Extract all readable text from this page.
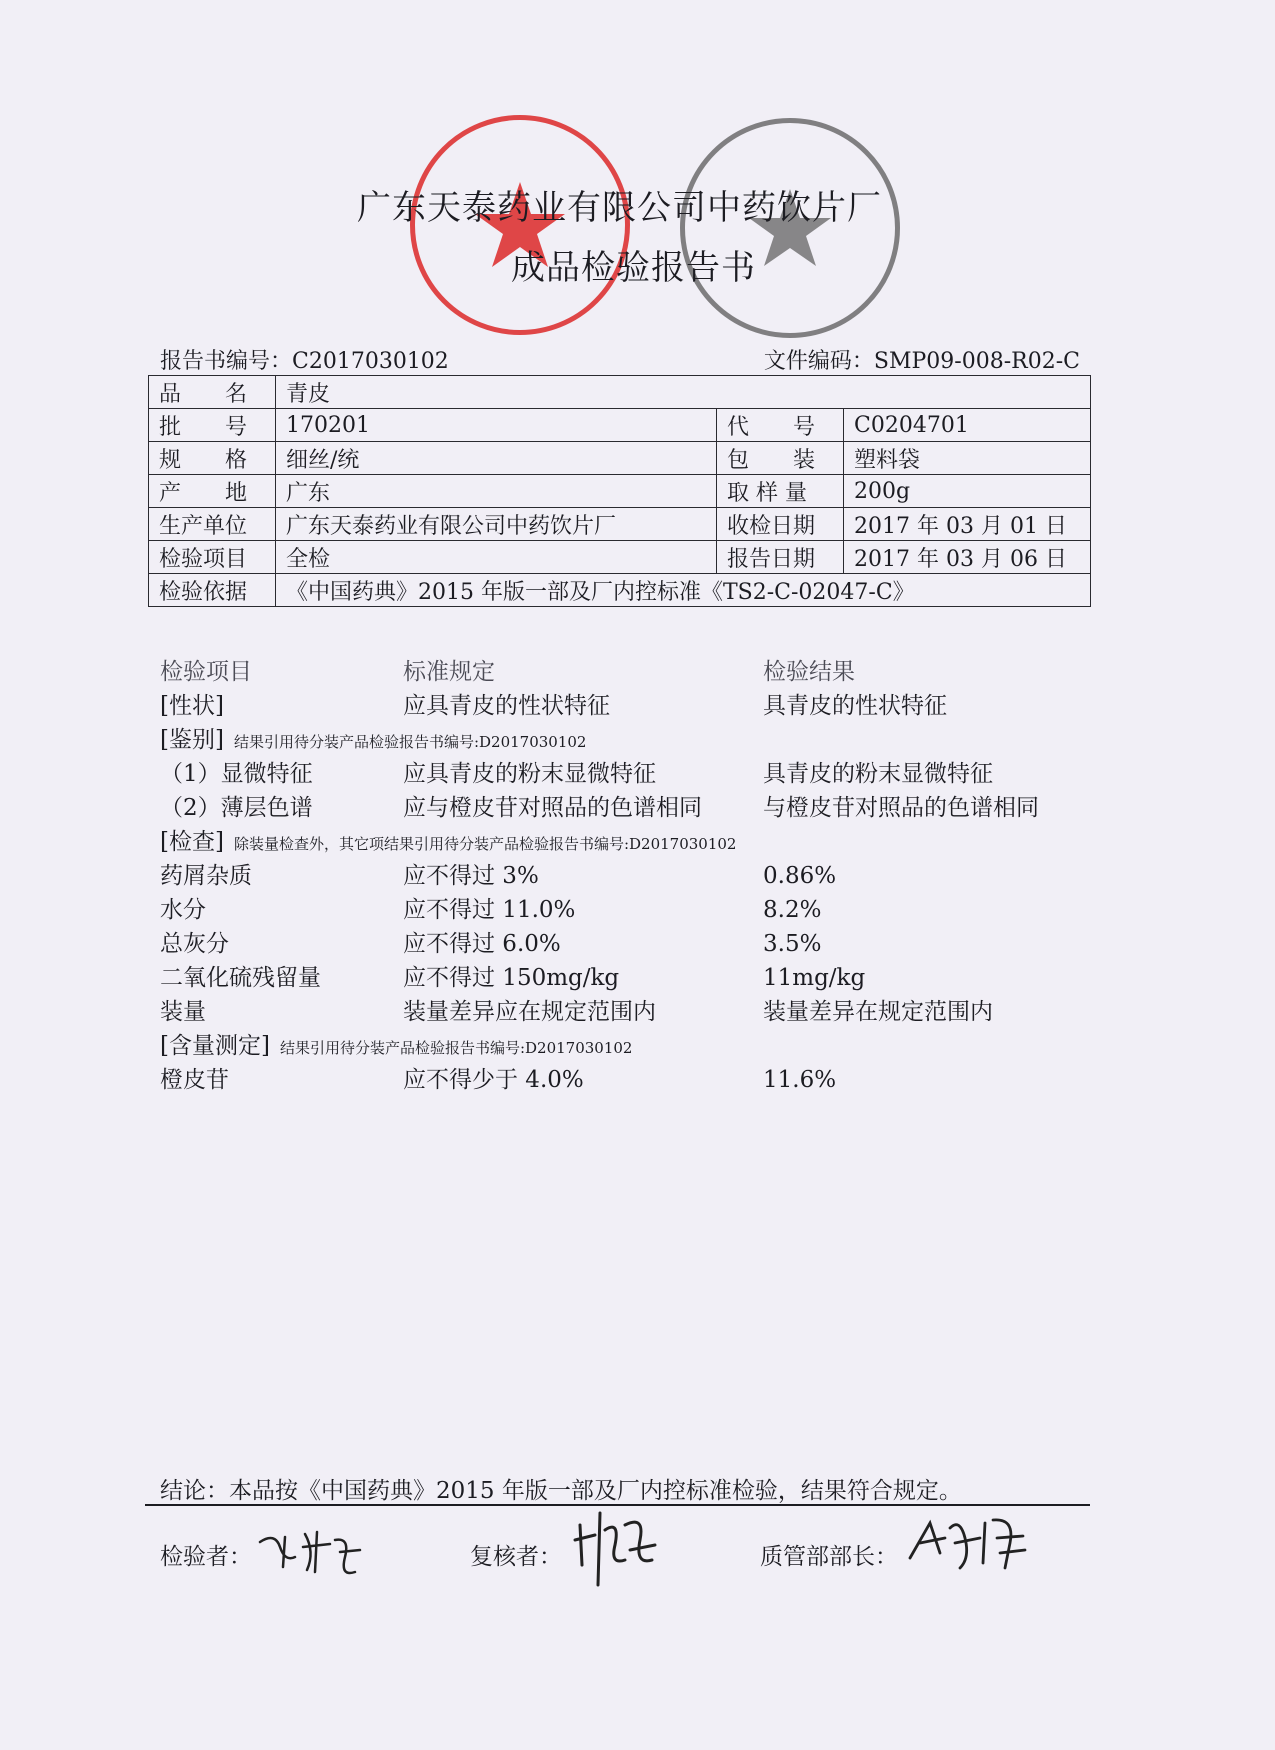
广东天泰药业有限公司中药饮片厂
成品检验报告书
报告书编号：C2017030102	文件编码：SMP09-008-R02-C
品　　名	青皮		
批　　号	170201	代　　号	C0204701
规　　格	细丝/统	包　　装	塑料袋
产　　地	广东	取 样 量	200g
生产单位	广东天泰药业有限公司中药饮片厂	收检日期	2017 年 03 月 01 日
检验项目	全检	报告日期	2017 年 03 月 06 日
检验依据	《中国药典》2015 年版一部及厂内控标准《TS2-C-02047-C》		
检验项目	标准规定	检验结果
[性状]	应具青皮的性状特征	具青皮的性状特征
[鉴别] 结果引用待分装产品检验报告书编号:D2017030102
（1）显微特征	应具青皮的粉末显微特征	具青皮的粉末显微特征
（2）薄层色谱	应与橙皮苷对照品的色谱相同	与橙皮苷对照品的色谱相同
[检查] 除装量检查外，其它项结果引用待分装产品检验报告书编号:D2017030102
药屑杂质	应不得过 3%	0.86%
水分	应不得过 11.0%	8.2%
总灰分	应不得过 6.0%	3.5%
二氧化硫残留量	应不得过 150mg/kg	11mg/kg
装量	装量差异应在规定范围内	装量差异在规定范围内
[含量测定] 结果引用待分装产品检验报告书编号:D2017030102
橙皮苷	应不得少于 4.0%	11.6%
结论：本品按《中国药典》2015 年版一部及厂内控标准检验，结果符合规定。
检验者：	复核者：	质管部部长：
